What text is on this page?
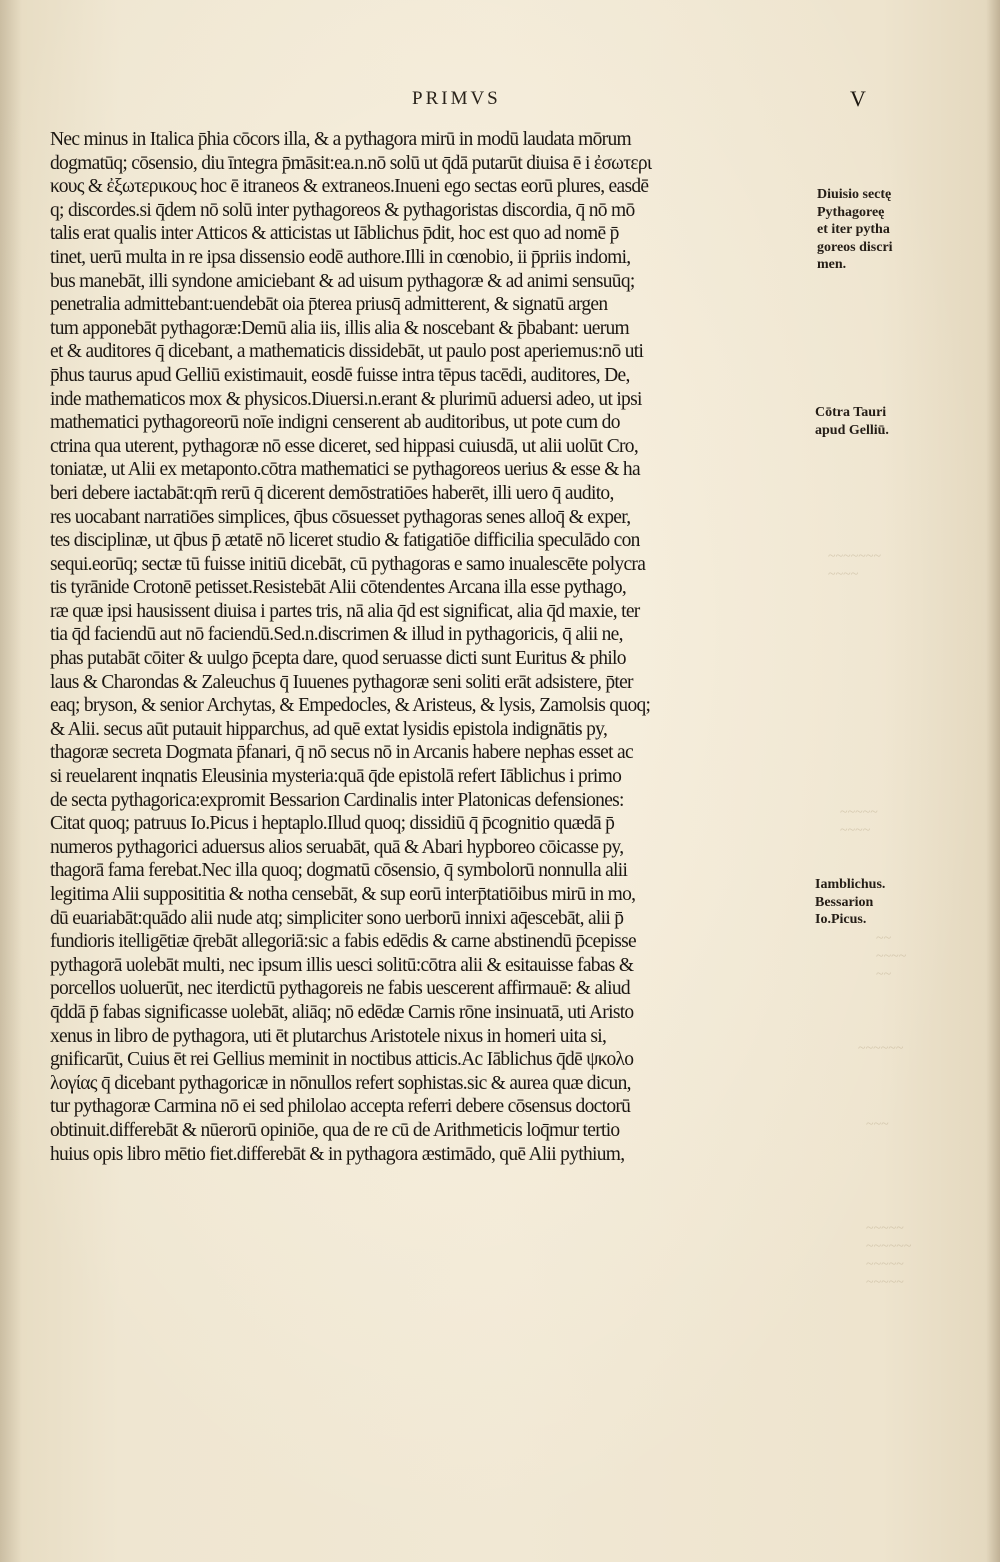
PRIMVS	V
Nec minus in Italica p̄hia cōcors illa, & a pythagora mirū in modū laudata mōrum
dogmatūq; cōsensio, diu īntegra p̄māsit:ea.n.nō solū ut q̄dā putarūt diuisa ē i ἐσωτερι
κους & ἐξωτερικους hoc ē itraneos & extraneos.Inueni ego sectas eorū plures, easdē
q; discordes.si q̄dem nō solū inter pythagoreos & pythagoristas discordia, q̄ nō mō
talis erat qualis inter Atticos & atticistas ut Iāblichus p̄dit, hoc est quo ad nomē p̄
tinet, uerū multa in re ipsa dissensio eodē authore.Illi in cœnobio, ii p̄priis indomi,
bus manebāt, illi syndone amiciebant & ad uisum pythagoræ & ad animi sensuūq;
penetralia admittebant:uendebāt oia p̄terea priusq̄ admitterent, & signatū argen
tum apponebāt pythagoræ:Demū alia iis, illis alia & noscebant & p̄babant: uerum
et & auditores q̄ dicebant, a mathematicis dissidebāt, ut paulo post aperiemus:nō uti
p̄hus taurus apud Gelliū existimauit, eosdē fuisse intra tēpus tacēdi, auditores, De,
inde mathematicos mox & physicos.Diuersi.n.erant & plurimū aduersi adeo, ut ipsi
mathematici pythagoreorū noīe indigni censerent ab auditoribus, ut pote cum do
ctrina qua uterent, pythagoræ nō esse diceret, sed hippasi cuiusdā, ut alii uolūt Cro,
toniatæ, ut Alii ex metaponto.cōtra mathematici se pythagoreos uerius & esse & ha
beri debere iactabāt:qm̄ rerū q̄ dicerent demōstratiōes haberēt, illi uero q̄ audito,
res uocabant narratiōes simplices, q̄bus cōsuesset pythagoras senes alloq̄ & exper,
tes disciplinæ, ut q̄bus p̄ ætatē nō liceret studio & fatigatiōe difficilia speculādo con
sequi.eorūq; sectæ tū fuisse initiū dicebāt, cū pythagoras e samo inualescēte polycra
tis tyrānide Crotonē petisset.Resistebāt Alii cōtendentes Arcana illa esse pythago,
ræ quæ ipsi hausissent diuisa i partes tris, nā alia q̄d est significat, alia q̄d maxie, ter
tia q̄d faciendū aut nō faciendū.Sed.n.discrimen & illud in pythagoricis, q̄ alii ne,
phas putabāt cōiter & uulgo p̄cepta dare, quod seruasse dicti sunt Euritus & philo
laus & Charondas & Zaleuchus q̄ Iuuenes pythagoræ seni soliti erāt adsistere, p̄ter
eaq; bryson, & senior Archytas, & Empedocles, & Aristeus, & lysis, Zamolsis quoq;
& Alii. secus aūt putauit hipparchus, ad quē extat lysidis epistola indignātis py,
thagoræ secreta Dogmata p̄fanari, q̄ nō secus nō in Arcanis habere nephas esset ac
si reuelarent inqnatis Eleusinia mysteria:quā q̄de epistolā refert Iāblichus i primo
de secta pythagorica:expromit Bessarion Cardinalis inter Platonicas defensiones:
Citat quoq; patruus Io.Picus i heptaplo.Illud quoq; dissidiū q̄ p̄cognitio quædā p̄
numeros pythagorici aduersus alios seruabāt, quā & Abari hypboreo cōicasse py,
thagorā fama ferebat.Nec illa quoq; dogmatū cōsensio, q̄ symbolorū nonnulla alii
legitima Alii supposititia & notha censebāt, & sup eorū interp̄tatiōibus mirū in mo,
dū euariabāt:quādo alii nude atq; simpliciter sono uerborū innixi aq̄escebāt, alii p̄
fundioris itelligētiæ q̄rebāt allegoriā:sic a fabis edēdis & carne abstinendū p̄cepisse
pythagorā uolebāt multi, nec ipsum illis uesci solitū:cōtra alii & esitauisse fabas &
porcellos uoluerūt, nec iterdictū pythagoreis ne fabis uescerent affirmauē: & aliud
q̄ddā p̄ fabas significasse uolebāt, aliāq; nō edēdæ Carnis rōne insinuatā, uti Aristo
xenus in libro de pythagora, uti ēt plutarchus Aristotele nixus in homeri uita si,
gnificarūt, Cuius ēt rei Gellius meminit in noctibus atticis.Ac Iāblichus q̄dē ψκολο
λογίας q̄ dicebant pythagoricæ in nōnullos refert sophistas.sic & aurea quæ dicun,
tur pythagoræ Carmina nō ei sed philolao accepta referri debere cōsensus doctorū
obtinuit.differebāt & nūerorū opiniōe, qua de re cū de Arithmeticis loq̄mur tertio
huius opis libro mētio fiet.differebāt & in pythagora æstimādo, quē Alii pythium,
Diuisio sectę
Pythagoreę
et iter pytha
goreos discri
men.
Cōtra Tauri
apud Gelliū.
Iamblichus.
Bessarion
Io.Picus.
~~~~~~~
~~~~
~~~~~
~~~~
~~
~~~~
~~
~~~~~~
~~~
~~~~~
~~~~~~
~~~~~
~~~~~
